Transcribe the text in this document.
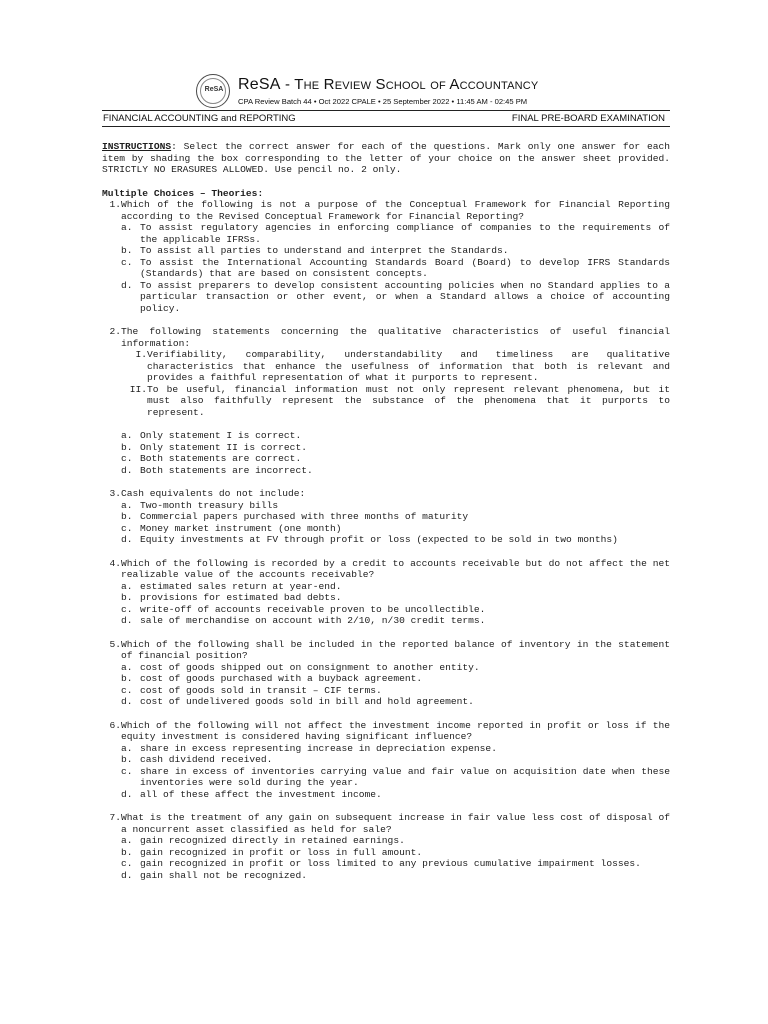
ReSA ReSA - The Review School of Accountancy
CPA Review Batch 44 • Oct 2022 CPALE • 25 September 2022 • 11:45 AM - 02:45 PM
FINANCIAL ACCOUNTING and REPORTING	FINAL PRE-BOARD EXAMINATION

INSTRUCTIONS: Select the correct answer for each of the questions. Mark only one answer for each item by shading the box corresponding to the letter of your choice on the answer sheet provided. STRICTLY NO ERASURES ALLOWED. Use pencil no. 2 only.

Multiple Choices – Theories:

1. Which of the following is not a purpose of the Conceptual Framework for Financial Reporting according to the Revised Conceptual Framework for Financial Reporting?
a. To assist regulatory agencies in enforcing compliance of companies to the requirements of the applicable IFRSs.
b. To assist all parties to understand and interpret the Standards.
c. To assist the International Accounting Standards Board (Board) to develop IFRS Standards (Standards) that are based on consistent concepts.
d. To assist preparers to develop consistent accounting policies when no Standard applies to a particular transaction or other event, or when a Standard allows a choice of accounting policy.
2. The following statements concerning the qualitative characteristics of useful financial information:
I. Verifiability, comparability, understandability and timeliness are qualitative characteristics that enhance the usefulness of information that both is relevant and provides a faithful representation of what it purports to represent.
II. To be useful, financial information must not only represent relevant phenomena, but it must also faithfully represent the substance of the phenomena that it purports to represent.
a. Only statement I is correct.
b. Only statement II is correct.
c. Both statements are correct.
d. Both statements are incorrect.
3. Cash equivalents do not include:
a. Two-month treasury bills
b. Commercial papers purchased with three months of maturity
c. Money market instrument (one month)
d. Equity investments at FV through profit or loss (expected to be sold in two months)
4. Which of the following is recorded by a credit to accounts receivable but do not affect the net realizable value of the accounts receivable?
a. estimated sales return at year-end.
b. provisions for estimated bad debts.
c. write-off of accounts receivable proven to be uncollectible.
d. sale of merchandise on account with 2/10, n/30 credit terms.
5. Which of the following shall be included in the reported balance of inventory in the statement of financial position?
a. cost of goods shipped out on consignment to another entity.
b. cost of goods purchased with a buyback agreement.
c. cost of goods sold in transit – CIF terms.
d. cost of undelivered goods sold in bill and hold agreement.
6. Which of the following will not affect the investment income reported in profit or loss if the equity investment is considered having significant influence?
a. share in excess representing increase in depreciation expense.
b. cash dividend received.
c. share in excess of inventories carrying value and fair value on acquisition date when these inventories were sold during the year.
d. all of these affect the investment income.
7. What is the treatment of any gain on subsequent increase in fair value less cost of disposal of a noncurrent asset classified as held for sale?
a. gain recognized directly in retained earnings.
b. gain recognized in profit or loss in full amount.
c. gain recognized in profit or loss limited to any previous cumulative impairment losses.
d. gain shall not be recognized.
